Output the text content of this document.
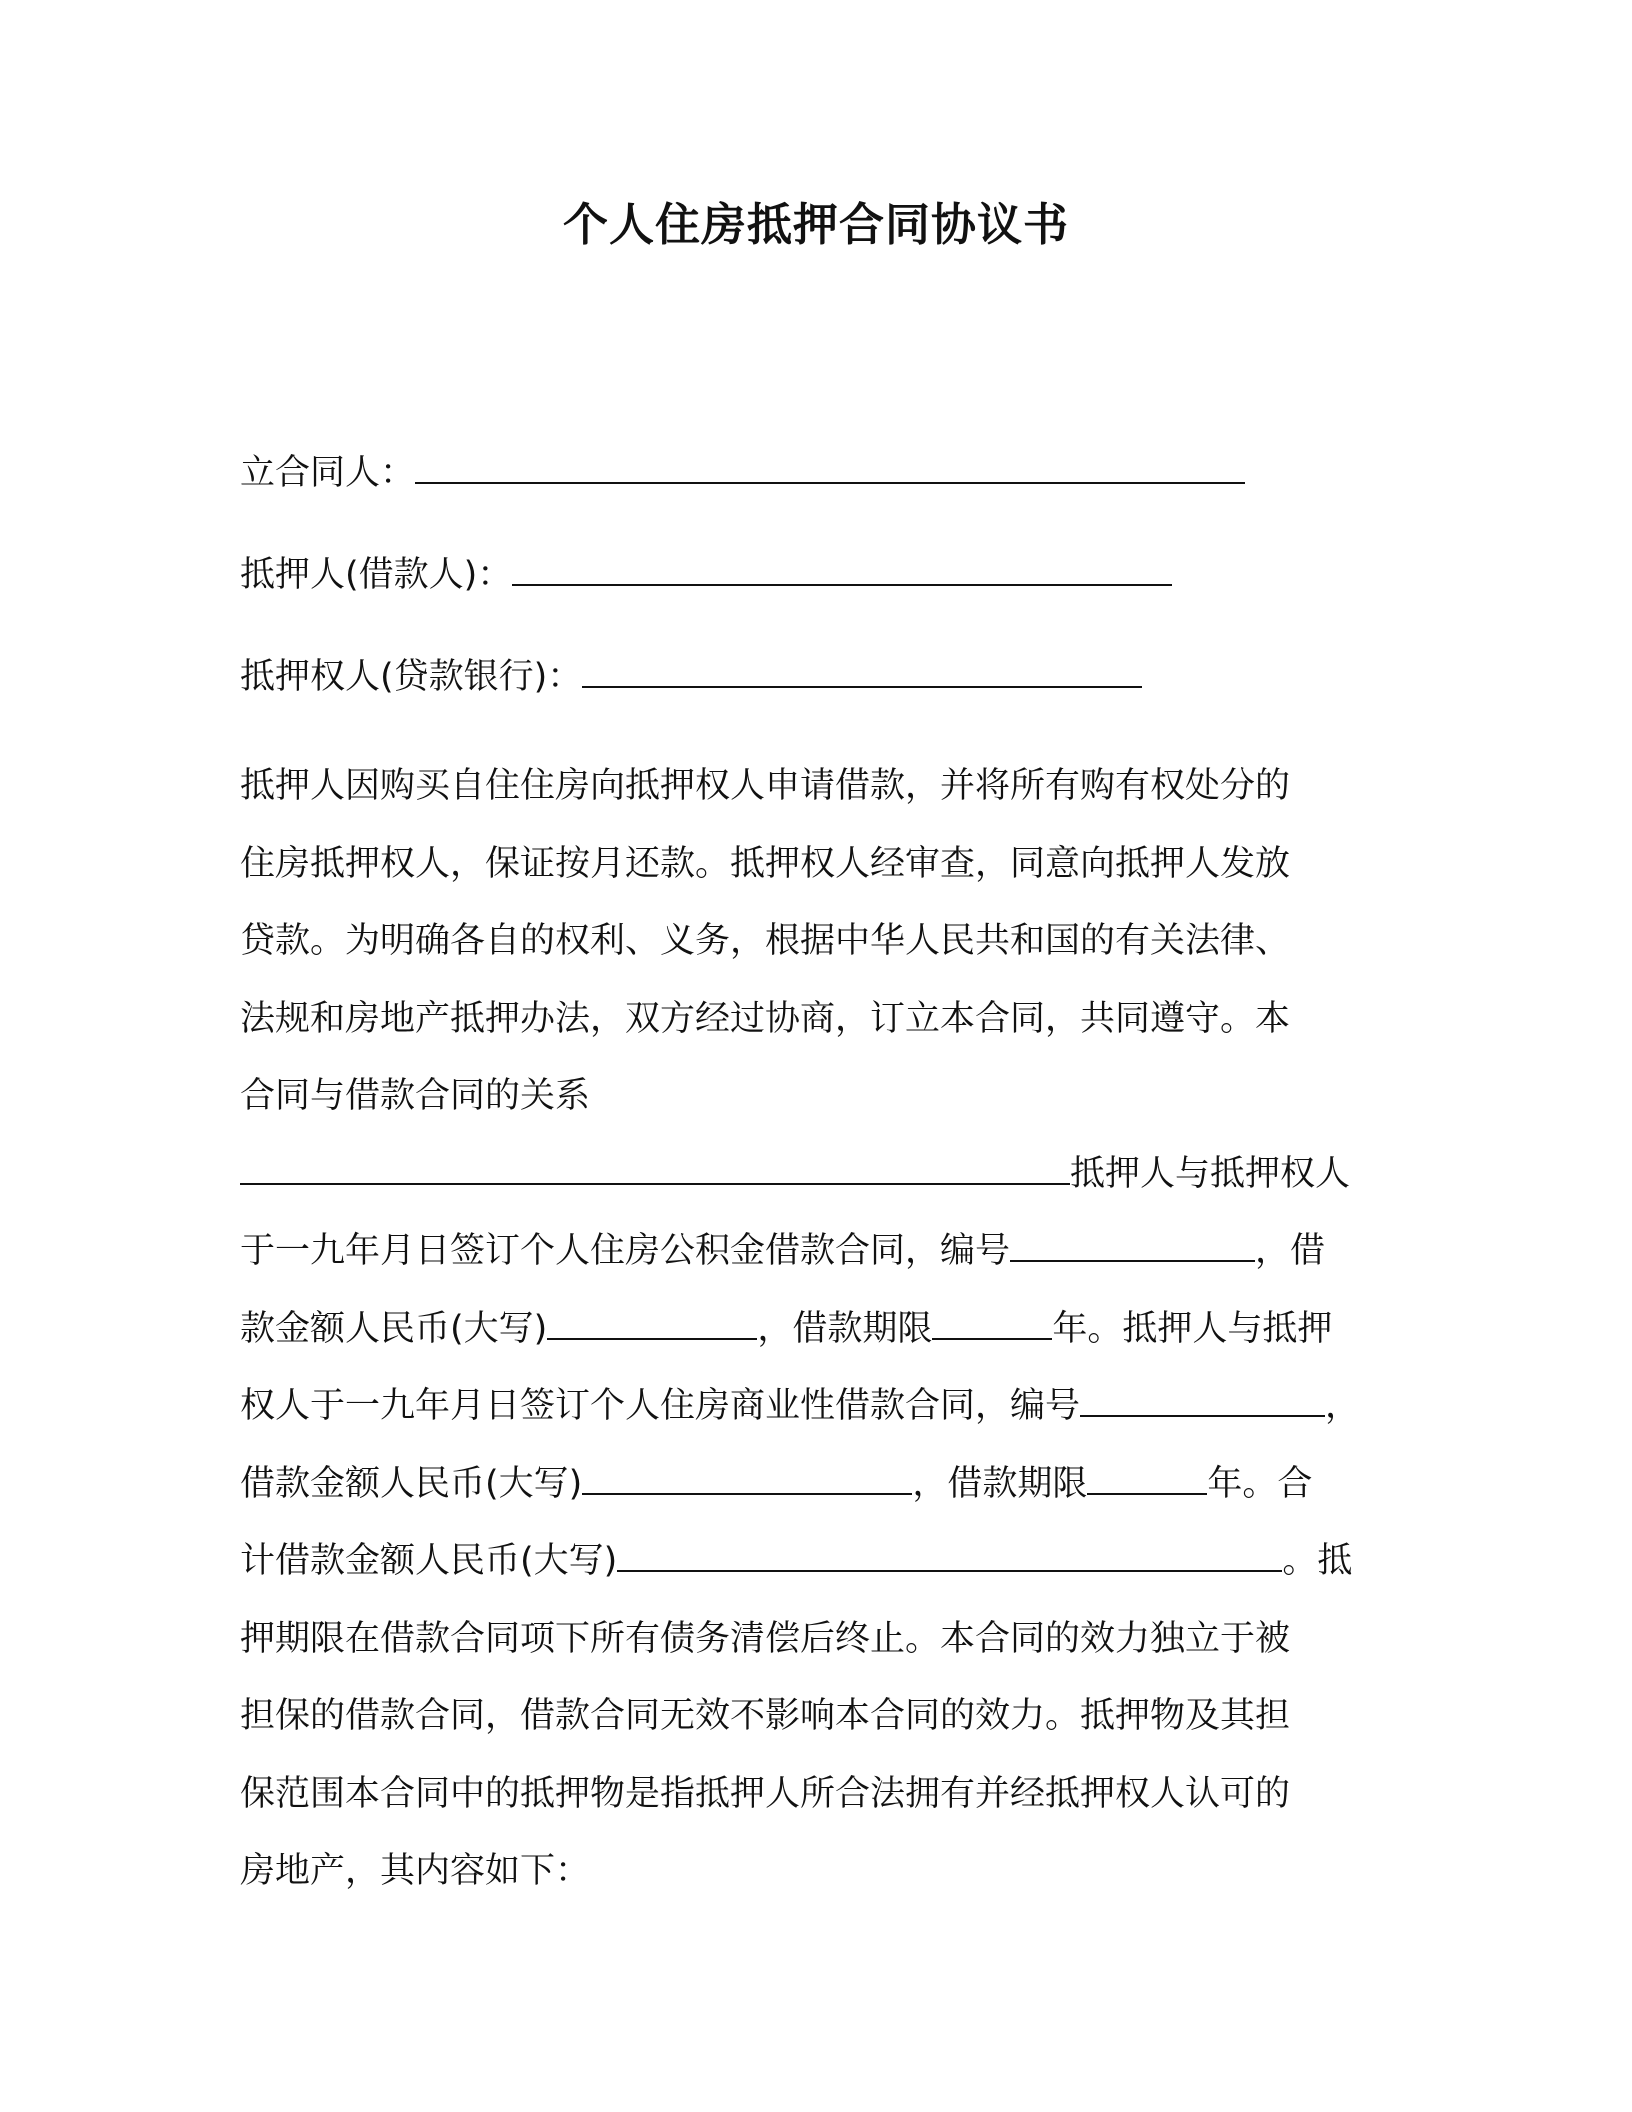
个人住房抵押合同协议书
立合同人：
抵押人(借款人)：
抵押权人(贷款银行)：
抵押人因购买自住住房向抵押权人申请借款，并将所有购有权处分的
住房抵押权人，保证按月还款。抵押权人经审查，同意向抵押人发放
贷款。为明确各自的权利、义务，根据中华人民共和国的有关法律、
法规和房地产抵押办法，双方经过协商，订立本合同，共同遵守。本
合同与借款合同的关系
抵押人与抵押权人
于一九年月日签订个人住房公积金借款合同，编号	，借
款金额人民币(大写)	，借款期限	年。抵押人与抵押
权人于一九年月日签订个人住房商业性借款合同，编号	，
借款金额人民币(大写)	，借款期限	年。合
计借款金额人民币(大写)	。抵
押期限在借款合同项下所有债务清偿后终止。本合同的效力独立于被
担保的借款合同，借款合同无效不影响本合同的效力。抵押物及其担
保范围本合同中的抵押物是指抵押人所合法拥有并经抵押权人认可的
房地产，其内容如下：
